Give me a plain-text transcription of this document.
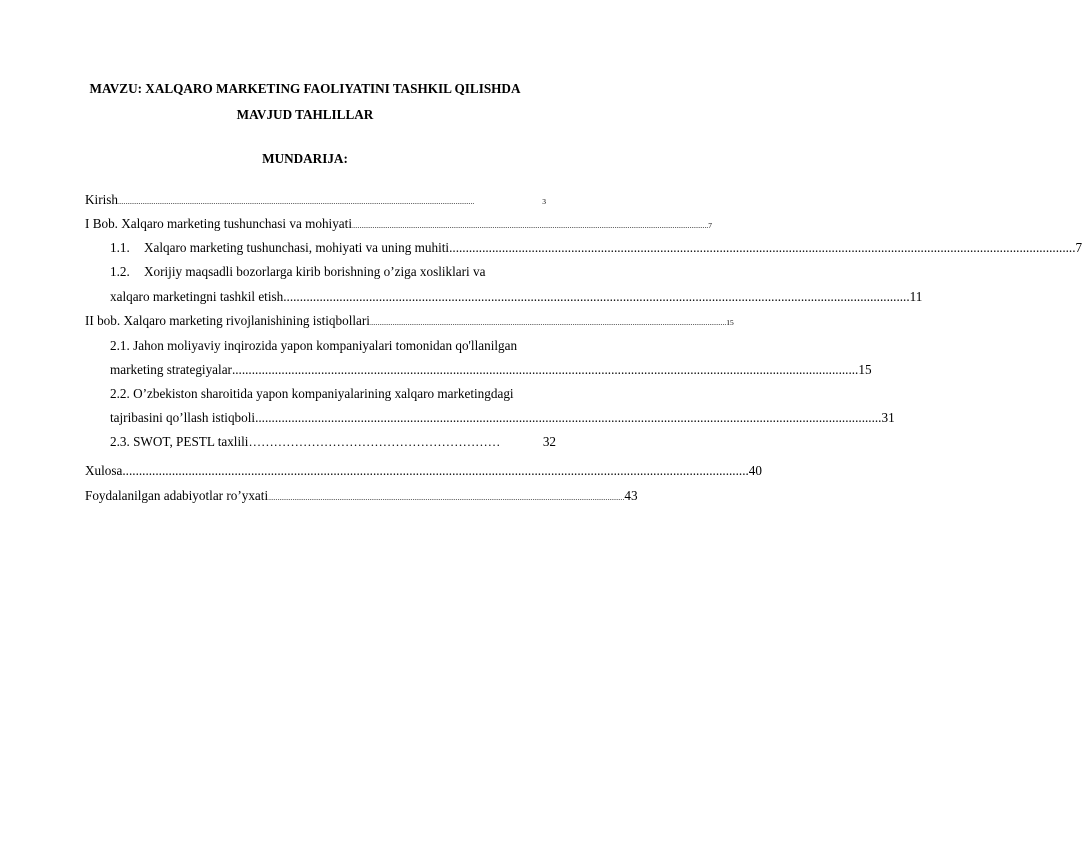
MAVZU: XALQARO MARKETING FAOLIYATINI TASHKIL QILISHDA

MAVJUD TAHLILLAR

MUNDARIJA:

Kirish ..............................................................................................................................................................................................	3
I Bob. Xalqaro marketing tushunchasi va mohiyati .............................................................................................................................................................................................. 7
1.1. Xalqaro marketing tushunchasi, mohiyati va uning muhiti .............................................................................................................................................................................................. 7
1.2. Xorijiy maqsadli bozorlarga kirib borishning o’ziga xosliklari va
xalqaro marketingni tashkil etish .............................................................................................................................................................................................. 11
II bob. Xalqaro marketing rivojlanishining istiqbollari .............................................................................................................................................................................................. 15
2.1. Jahon moliyaviy inqirozida yapon kompaniyalari tomonidan qo'llanilgan
marketing strategiyalar .............................................................................................................................................................................................. 15
2.2. O’zbekiston sharoitida yapon kompaniyalarining xalqaro marketingdagi
tajribasini qo’llash istiqboli .............................................................................................................................................................................................. 31
2.3. SWOT, PESTL taxlili ……………………………………………………	32
Xulosa .............................................................................................................................................................................................. 40
Foydalanilgan adabiyotlar ro’yxati .............................................................................................................................................................................................. 43
